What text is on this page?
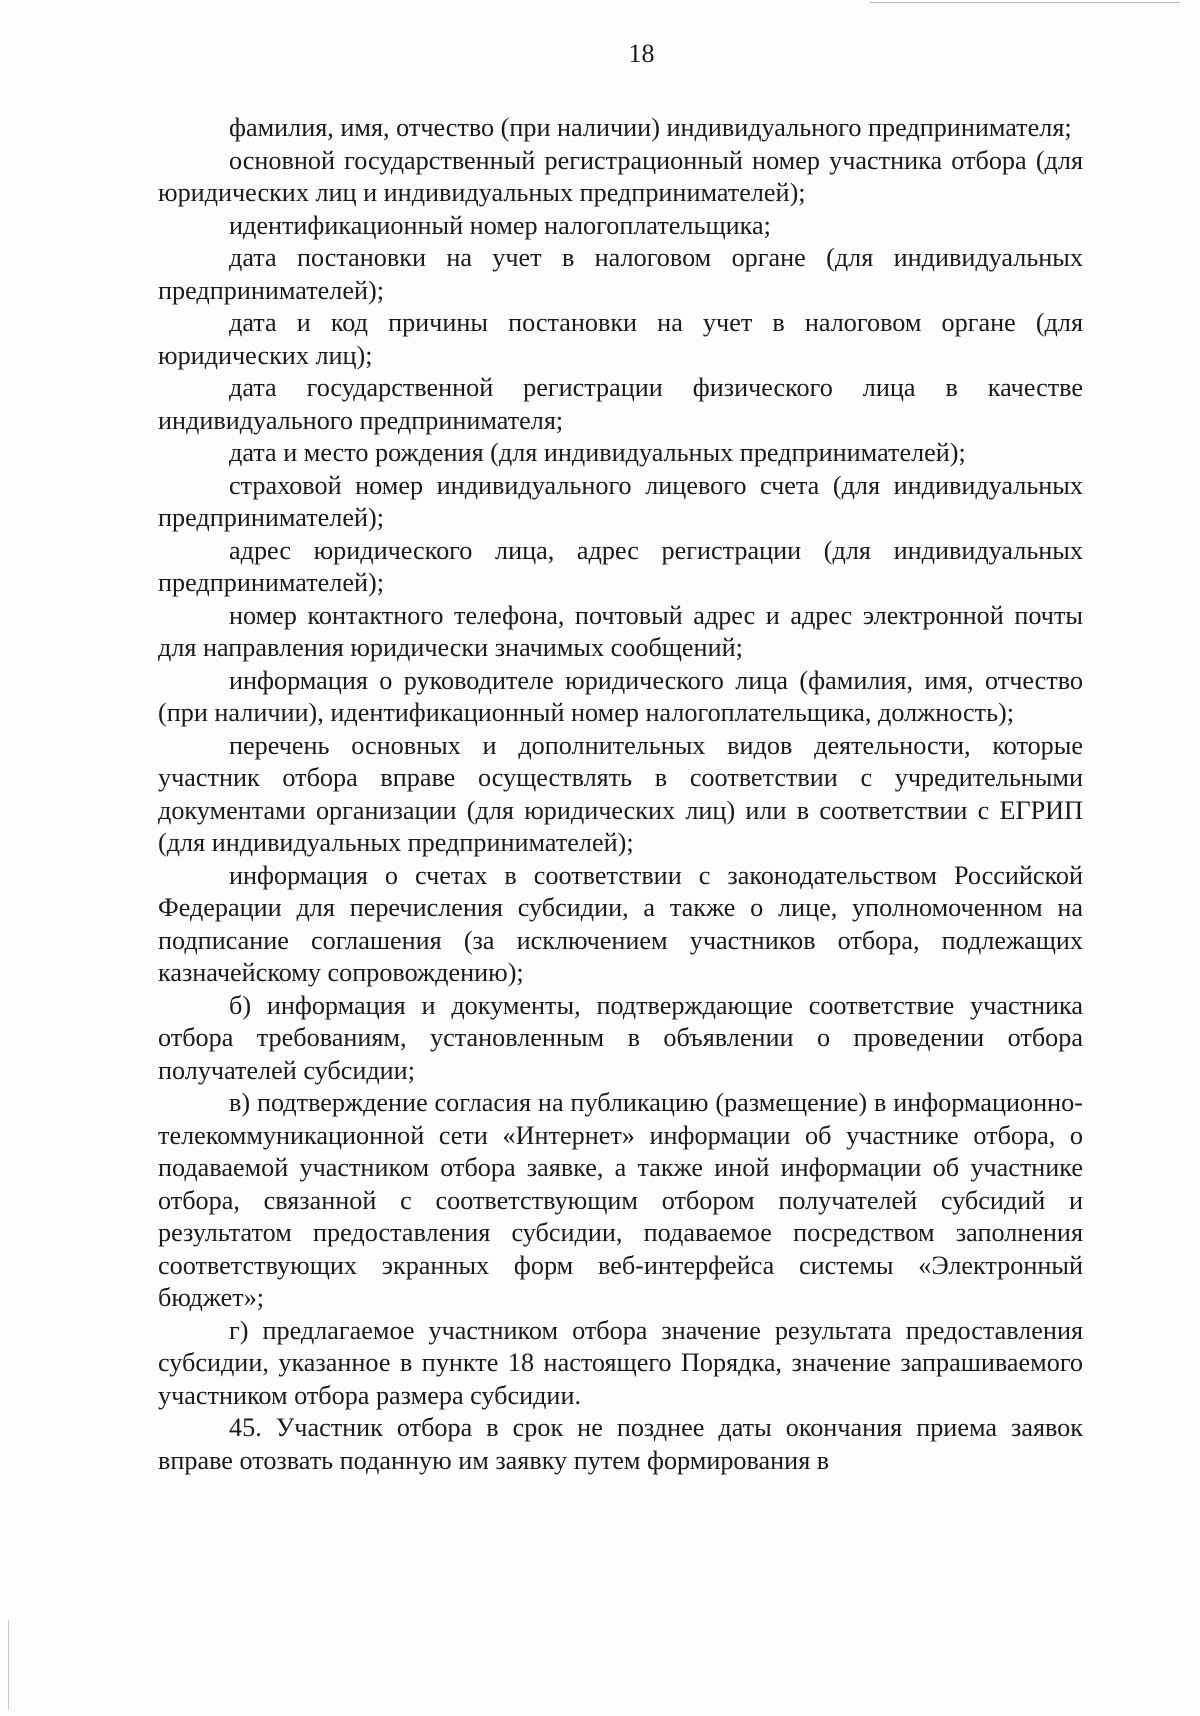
18

фамилия, имя, отчество (при наличии) индивидуального предпринимателя;

основной государственный регистрационный номер участника отбора (для юридических лиц и индивидуальных предпринимателей);

идентификационный номер налогоплательщика;

дата постановки на учет в налоговом органе (для индивидуальных предпринимателей);

дата и код причины постановки на учет в налоговом органе (для юридических лиц);

дата государственной регистрации физического лица в качестве индивидуального предпринимателя;

дата и место рождения (для индивидуальных предпринимателей);

страховой номер индивидуального лицевого счета (для индивидуальных предпринимателей);

адрес юридического лица, адрес регистрации (для индивидуальных предпринимателей);

номер контактного телефона, почтовый адрес и адрес электронной почты для направления юридически значимых сообщений;

информация о руководителе юридического лица (фамилия, имя, отчество (при наличии), идентификационный номер налогоплательщика, должность);

перечень основных и дополнительных видов деятельности, которые участник отбора вправе осуществлять в соответствии с учредительными документами организации (для юридических лиц) или в соответствии с ЕГРИП (для индивидуальных предпринимателей);

информация о счетах в соответствии с законодательством Российской Федерации для перечисления субсидии, а также о лице, уполномоченном на подписание соглашения (за исключением участников отбора, подлежащих казначейскому сопровождению);

б) информация и документы, подтверждающие соответствие участника отбора требованиям, установленным в объявлении о проведении отбора получателей субсидии;

в) подтверждение согласия на публикацию (размещение) в информационно-телекоммуникационной сети «Интернет» информации об участнике отбора, о подаваемой участником отбора заявке, а также иной информации об участнике отбора, связанной с соответствующим отбором получателей субсидий и результатом предоставления субсидии, подаваемое посредством заполнения соответствующих экранных форм веб-интерфейса системы «Электронный бюджет»;

г) предлагаемое участником отбора значение результата предоставления субсидии, указанное в пункте 18 настоящего Порядка, значение запрашиваемого участником отбора размера субсидии.

45. Участник отбора в срок не позднее даты окончания приема заявок вправе отозвать поданную им заявку путем формирования в
